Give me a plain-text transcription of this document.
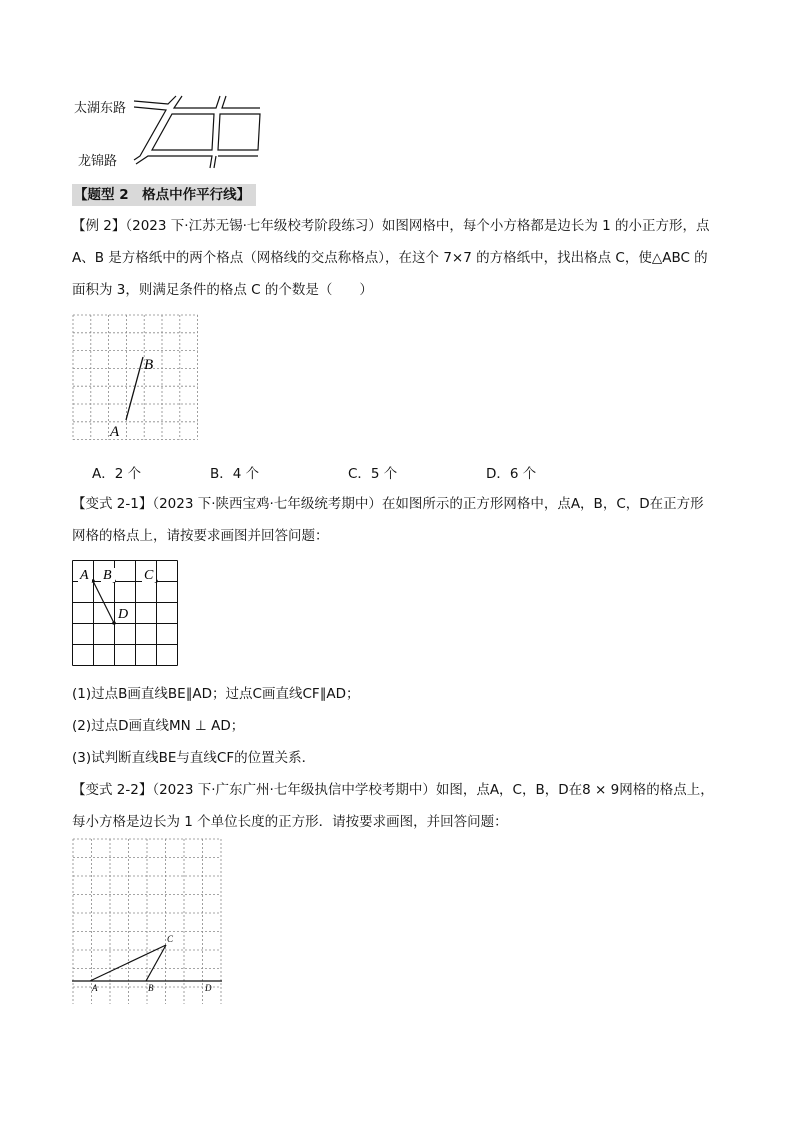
太湖东路
龙锦路
【题型 2　格点中作平行线】
【例 2】（2023 下·江苏无锡·七年级校考阶段练习）如图网格中，每个小方格都是边长为 1 的小正方形，点
A、B 是方格纸中的两个格点（网格线的交点称格点），在这个 7×7 的方格纸中，找出格点 C，使△ABC 的
面积为 3，则满足条件的格点 C 的个数是（　　）
B
A
A．2 个	B．4 个	C．5 个	D．6 个
【变式 2-1】（2023 下·陕西宝鸡·七年级统考期中）在如图所示的正方形网格中，点A，B，C，D在正方形
网格的格点上，请按要求画图并回答问题：
A B C
D
(1)过点B画直线BE∥AD；过点C画直线CF∥AD；
(2)过点D画直线MN ⊥ AD；
(3)试判断直线BE与直线CF的位置关系．
【变式 2-2】（2023 下·广东广州·七年级执信中学校考期中）如图，点A，C，B，D在8 × 9网格的格点上，
每小方格是边长为 1 个单位长度的正方形．请按要求画图，并回答问题：
C
A	B	D
